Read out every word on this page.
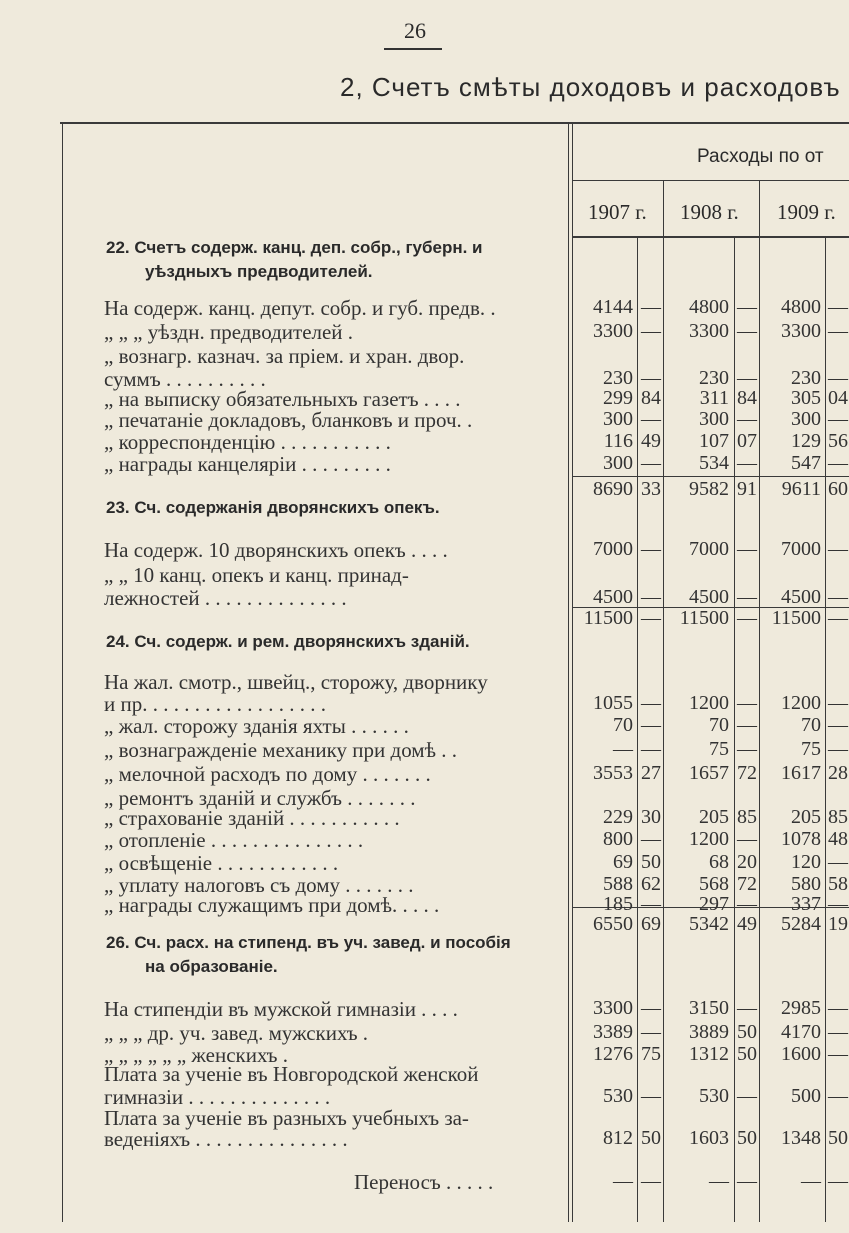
26
2, Счетъ смѣты доходовъ и расходовъ
Расходы по от
1907 г. 1908 г. 1909 г.
22. Счетъ содерж. канц. деп. собр., губерн. и
уѣздныхъ предводителей.
23. Сч. содержанія дворянскихъ опекъ.
24. Сч. содерж. и рем. дворянскихъ зданій.
26. Сч. расх. на стипенд. въ уч. завед. и пособія
на образованіе.
На содерж. канц. депут. собр. и губ. предв. .	4144 —	4800 —	4800 —
„ „ „ уѣздн. предводителей .	3300 —	3300 —	3300 —
„ вознагр. казнач. за пріем. и хран. двор.
суммъ . . . . . . . . . .	230 —	230 —	230 —
„ на выписку обязательныхъ газетъ . . . .	299 84	311 84	305 04
„ печатаніе докладовъ, бланковъ и проч. .	300 —	300 —	300 —
„ корреспонденцію . . . . . . . . . . .	116 49	107 07	129 56
„ награды канцеляріи . . . . . . . . .	300 —	534 —	547 —
8690 33	9582 91	9611 60
На содерж. 10 дворянскихъ опекъ . . . .	7000 —	7000 —	7000 —
„ „ 10 канц. опекъ и канц. принад-
лежностей . . . . . . . . . . . . . .	4500 —	4500 —	4500 —
11500 — 11500 — 11500 —
На жал. смотр., швейц., сторожу, дворнику
и пр. . . . . . . . . . . . . . . . . .	1055 —	1200 —	1200 —
„ жал. сторожу зданія яхты . . . . . .	70 —	70 —	70 —
„ вознагражденіе механику при домѣ . .	— —	75 —	75 —
„ мелочной расходъ по дому . . . . . . .	3553 27	1657 72	1617 28
„ ремонтъ зданій и службъ . . . . . . .
„ страхованіе зданій . . . . . . . . . . .	229 30	205 85	205 85
„ отопленіе . . . . . . . . . . . . . . .	800 —	1200 —	1078 48
„ освѣщеніе . . . . . . . . . . . .	69 50	68 20	120 —
„ уплату налоговъ съ дому . . . . . . .	588 62	568 72	580 58
„ награды служащимъ при домѣ. . . . .	185 —	297 —	337 —
6550 69	5342 49	5284 19
На стипендіи въ мужской гимназіи . . . .	3300 —	3150 —	2985 —
„ „ „ др. уч. завед. мужскихъ .	3389 —	3889 50	4170 —
„ „ „ „ „ „ женскихъ .	1276 75	1312 50	1600 —
Плата за ученіе въ Новгородской женской
гимназіи . . . . . . . . . . . . . .	530 —	530 —	500 —
Плата за ученіе въ разныхъ учебныхъ за-
веденіяхъ . . . . . . . . . . . . . . .	812 50	1603 50	1348 50
Переносъ . . . . .	— —	— —	— —
